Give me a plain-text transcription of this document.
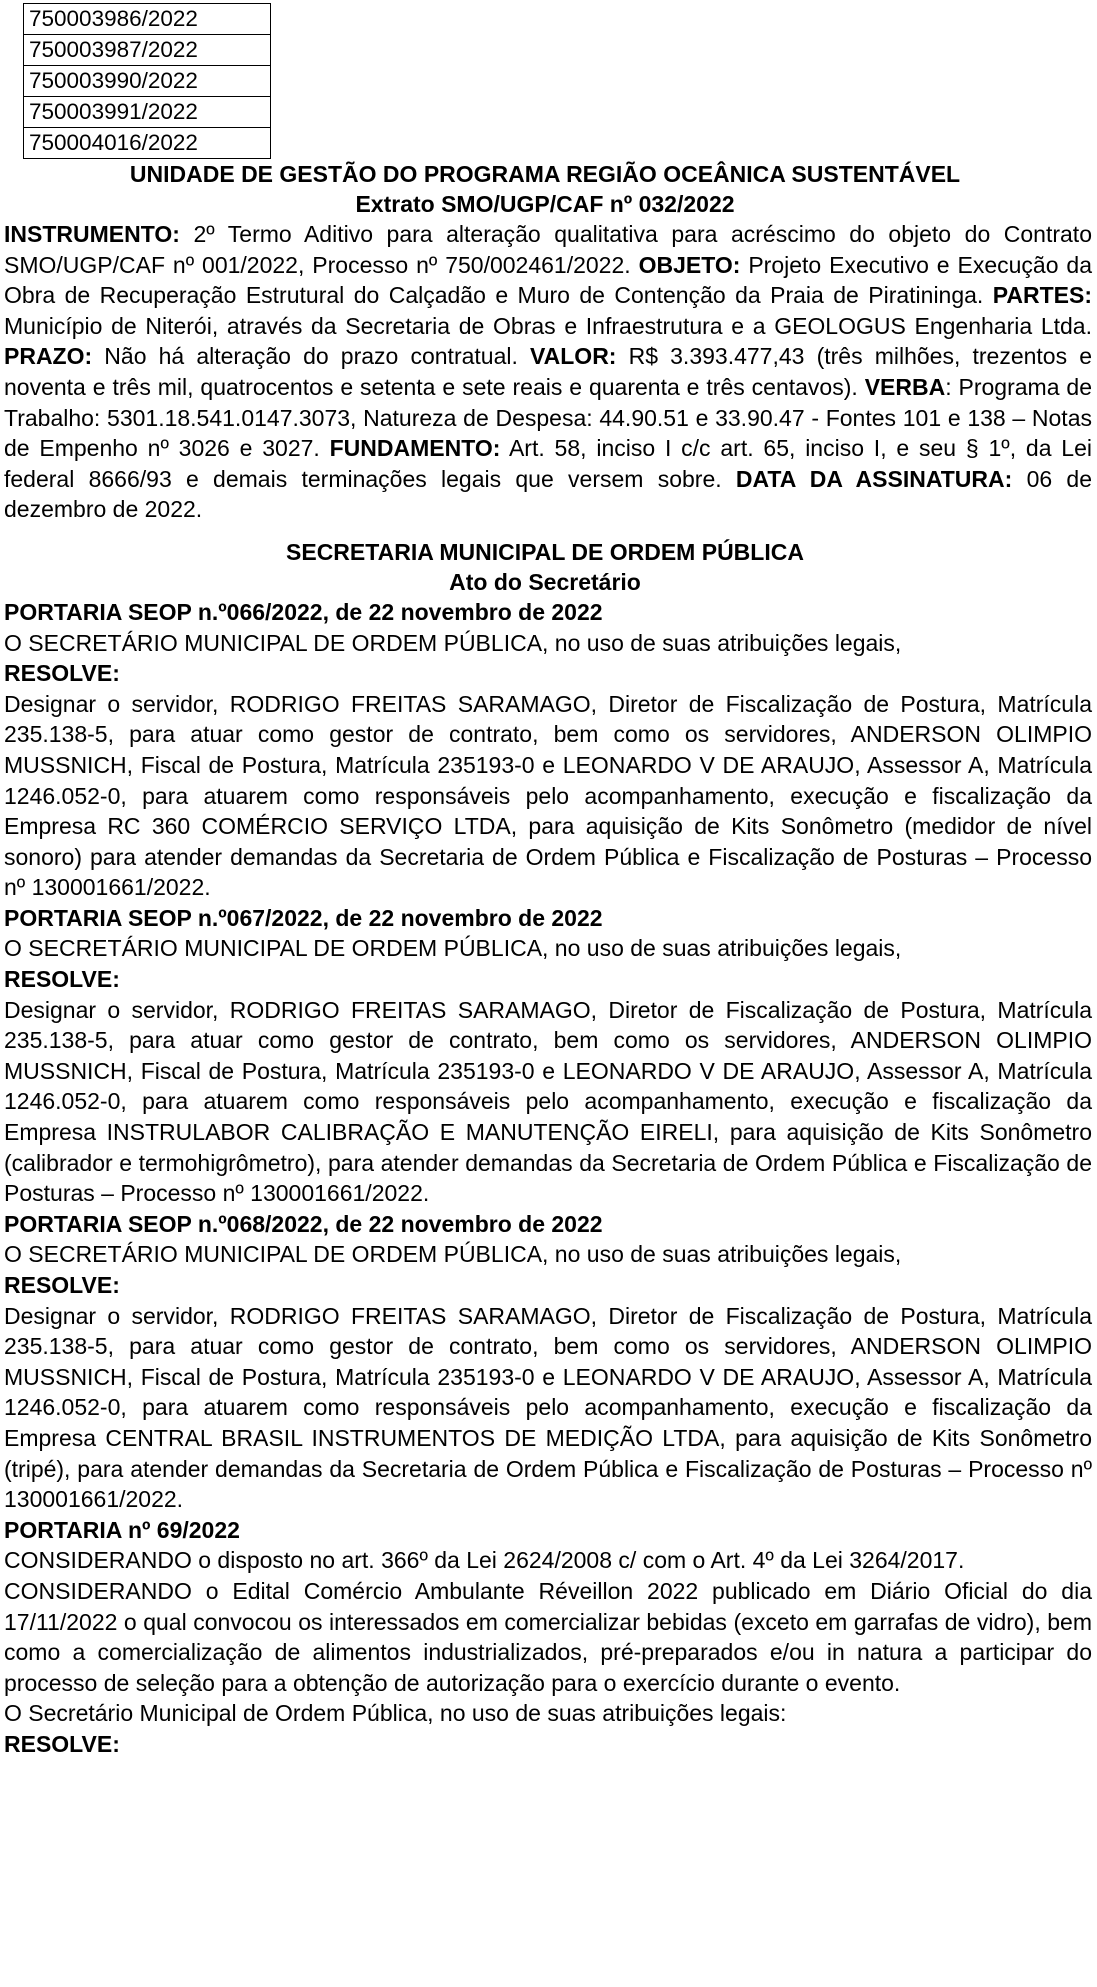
750003986/2022
750003987/2022
750003990/2022
750003991/2022
750004016/2022
UNIDADE DE GESTÃO DO PROGRAMA REGIÃO OCEÂNICA SUSTENTÁVEL
Extrato SMO/UGP/CAF nº 032/2022

INSTRUMENTO: 2º Termo Aditivo para alteração qualitativa para acréscimo do objeto do Contrato SMO/UGP/CAF nº 001/2022, Processo nº 750/002461/2022. OBJETO: Projeto Executivo e Execução da Obra de Recuperação Estrutural do Calçadão e Muro de Contenção da Praia de Piratininga. PARTES: Município de Niterói, através da Secretaria de Obras e Infraestrutura e a GEOLOGUS Engenharia Ltda. PRAZO: Não há alteração do prazo contratual. VALOR: R$ 3.393.477,43 (três milhões, trezentos e noventa e três mil, quatrocentos e setenta e sete reais e quarenta e três centavos). VERBA: Programa de Trabalho: 5301.18.541.0147.3073, Natureza de Despesa: 44.90.51 e 33.90.47 - Fontes 101 e 138 – Notas de Empenho nº 3026 e 3027. FUNDAMENTO: Art. 58, inciso I c/c art. 65, inciso I, e seu § 1º, da Lei federal 8666/93 e demais terminações legais que versem sobre. DATA DA ASSINATURA: 06 de dezembro de 2022.

SECRETARIA MUNICIPAL DE ORDEM PÚBLICA
Ato do Secretário

PORTARIA SEOP n.º066/2022, de 22 novembro de 2022

O SECRETÁRIO MUNICIPAL DE ORDEM PÚBLICA, no uso de suas atribuições legais,

RESOLVE:

Designar o servidor, RODRIGO FREITAS SARAMAGO, Diretor de Fiscalização de Postura, Matrícula 235.138-5, para atuar como gestor de contrato, bem como os servidores, ANDERSON OLIMPIO MUSSNICH, Fiscal de Postura, Matrícula 235193-0 e LEONARDO V DE ARAUJO, Assessor A, Matrícula 1246.052-0, para atuarem como responsáveis pelo acompanhamento, execução e fiscalização da Empresa RC 360 COMÉRCIO SERVIÇO LTDA, para aquisição de Kits Sonômetro (medidor de nível sonoro) para atender demandas da Secretaria de Ordem Pública e Fiscalização de Posturas – Processo nº 130001661/2022.

PORTARIA SEOP n.º067/2022, de 22 novembro de 2022

O SECRETÁRIO MUNICIPAL DE ORDEM PÚBLICA, no uso de suas atribuições legais,

RESOLVE:

Designar o servidor, RODRIGO FREITAS SARAMAGO, Diretor de Fiscalização de Postura, Matrícula 235.138-5, para atuar como gestor de contrato, bem como os servidores, ANDERSON OLIMPIO MUSSNICH, Fiscal de Postura, Matrícula 235193-0 e LEONARDO V DE ARAUJO, Assessor A, Matrícula 1246.052-0, para atuarem como responsáveis pelo acompanhamento, execução e fiscalização da Empresa INSTRULABOR CALIBRAÇÃO E MANUTENÇÃO EIRELI, para aquisição de Kits Sonômetro (calibrador e termohigrômetro), para atender demandas da Secretaria de Ordem Pública e Fiscalização de Posturas – Processo nº 130001661/2022.

PORTARIA SEOP n.º068/2022, de 22 novembro de 2022

O SECRETÁRIO MUNICIPAL DE ORDEM PÚBLICA, no uso de suas atribuições legais,

RESOLVE:

Designar o servidor, RODRIGO FREITAS SARAMAGO, Diretor de Fiscalização de Postura, Matrícula 235.138-5, para atuar como gestor de contrato, bem como os servidores, ANDERSON OLIMPIO MUSSNICH, Fiscal de Postura, Matrícula 235193-0 e LEONARDO V DE ARAUJO, Assessor A, Matrícula 1246.052-0, para atuarem como responsáveis pelo acompanhamento, execução e fiscalização da Empresa CENTRAL BRASIL INSTRUMENTOS DE MEDIÇÃO LTDA, para aquisição de Kits Sonômetro (tripé), para atender demandas da Secretaria de Ordem Pública e Fiscalização de Posturas – Processo nº 130001661/2022.

PORTARIA nº 69/2022

CONSIDERANDO o disposto no art. 366º da Lei 2624/2008 c/ com o Art. 4º da Lei 3264/2017.

CONSIDERANDO o Edital Comércio Ambulante Réveillon 2022 publicado em Diário Oficial do dia 17/11/2022 o qual convocou os interessados em comercializar bebidas (exceto em garrafas de vidro), bem como a comercialização de alimentos industrializados, pré-preparados e/ou in natura a participar do processo de seleção para a obtenção de autorização para o exercício durante o evento.

O Secretário Municipal de Ordem Pública, no uso de suas atribuições legais:

RESOLVE:
